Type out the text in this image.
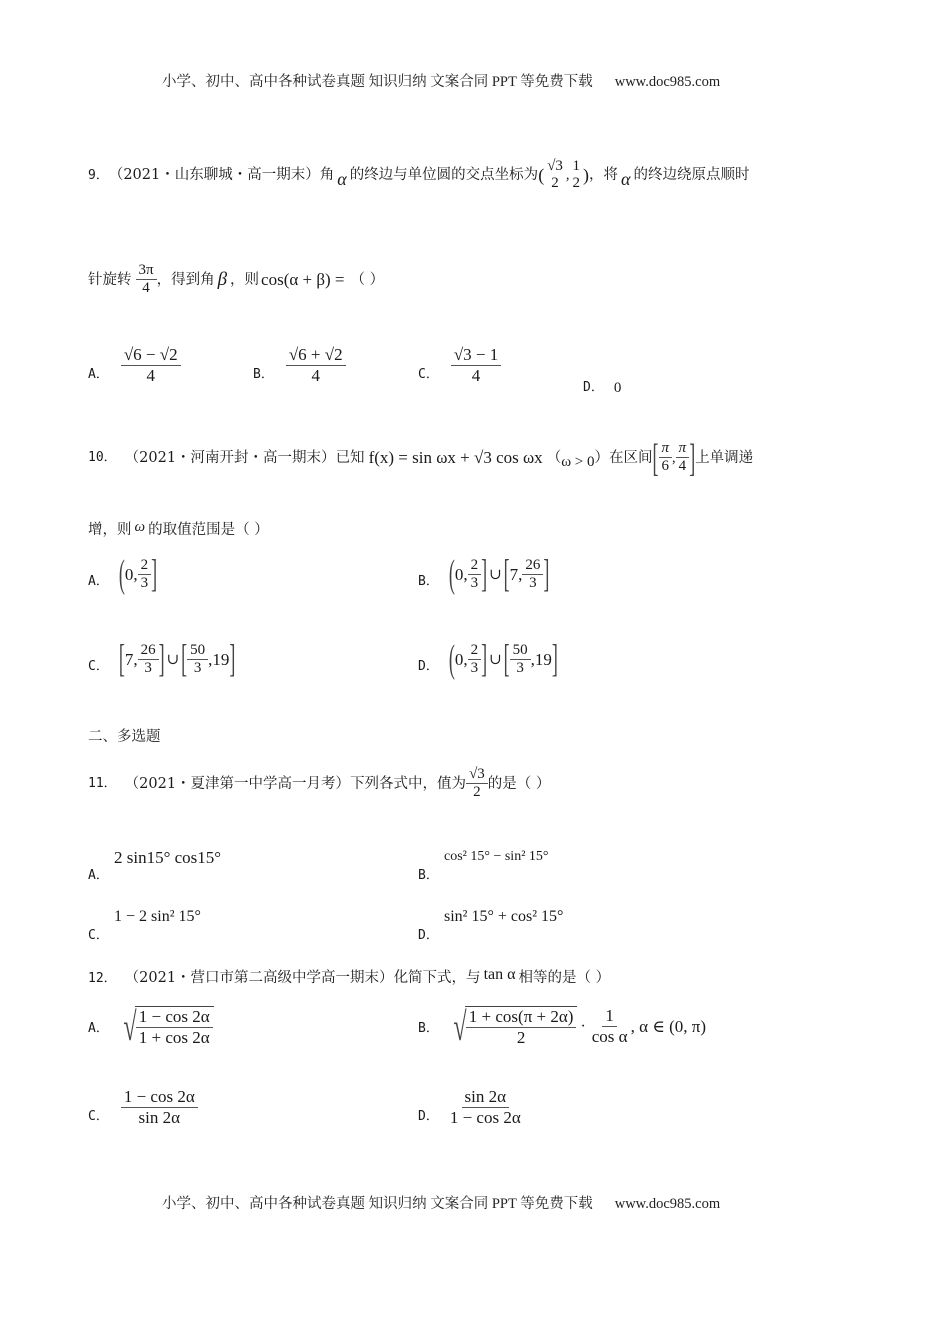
小学、初中、高中各种试卷真题 知识归纳 文案合同 PPT 等免费下载 www.doc985.com
9． （2021・山东聊城・高一期末） 角 α 的终边与单位圆的交点坐标为 ( √3
2
,
1
2 ) ，将 α 的终边绕原点顺时
针旋转 $\frac{3\pi}{4}$ ，得到角 β ，则 cos(α + β) = （ ）
A． $\frac{√6 - √2}{4}$	B． $\frac{√6 + √2}{4}$	C． $\frac{√3 - 1}{4}$
D． 0
10． （2021・河南开封・高一期末） 已知 f(x) = sin ωx + √3 cos ωx （ ω > 0 ） 在区间 [ $\frac{\pi}{6}$ , $\frac{\pi}{4}$ ] 上单调递
增，则 ω 的取值范围是（ ）
A． ( 0, $\frac{2}{3}$ ]	B． ( 0, $\frac{2}{3}$ ] ∪ [ 7, $\frac{26}{3}$ ]
C． [ 7, $\frac{26}{3}$ ] ∪ [ $\frac{50}{3} ,19$ ]	D． ( 0, $\frac{2}{3}$ ] ∪ [ $\frac{50}{3} ,19$ ]
二、多选题
11． （2021・夏津第一中学高一月考） 下列各式中，值为 $\frac{√3}{2}$ 的是（ ）
2 sin15° cos15°
A．
cos² 15° − sin² 15°
B．
1 − 2 sin² 15°
C．
sin² 15° + cos² 15°
D．
12． （2021・营口市第二高级中学高一期末） 化简下式，与 tan α 相等的是（ ）
A． √
$\frac{1 - \cos 2\alpha}{1 + \cos 2\alpha}$	B． √
$\frac{1 + \cos(\pi + 2\alpha)}{2} \cdot \frac{1}{\text{cos α}}$ , α ∈ (0, π)
C． $\frac{1 - \cos 2\alpha}{\sin 2\alpha}$	D． $\frac{\sin 2\alpha}{1 - \cos 2\alpha}$
小学、初中、高中各种试卷真题 知识归纳 文案合同 PPT 等免费下载 www.doc985.com
